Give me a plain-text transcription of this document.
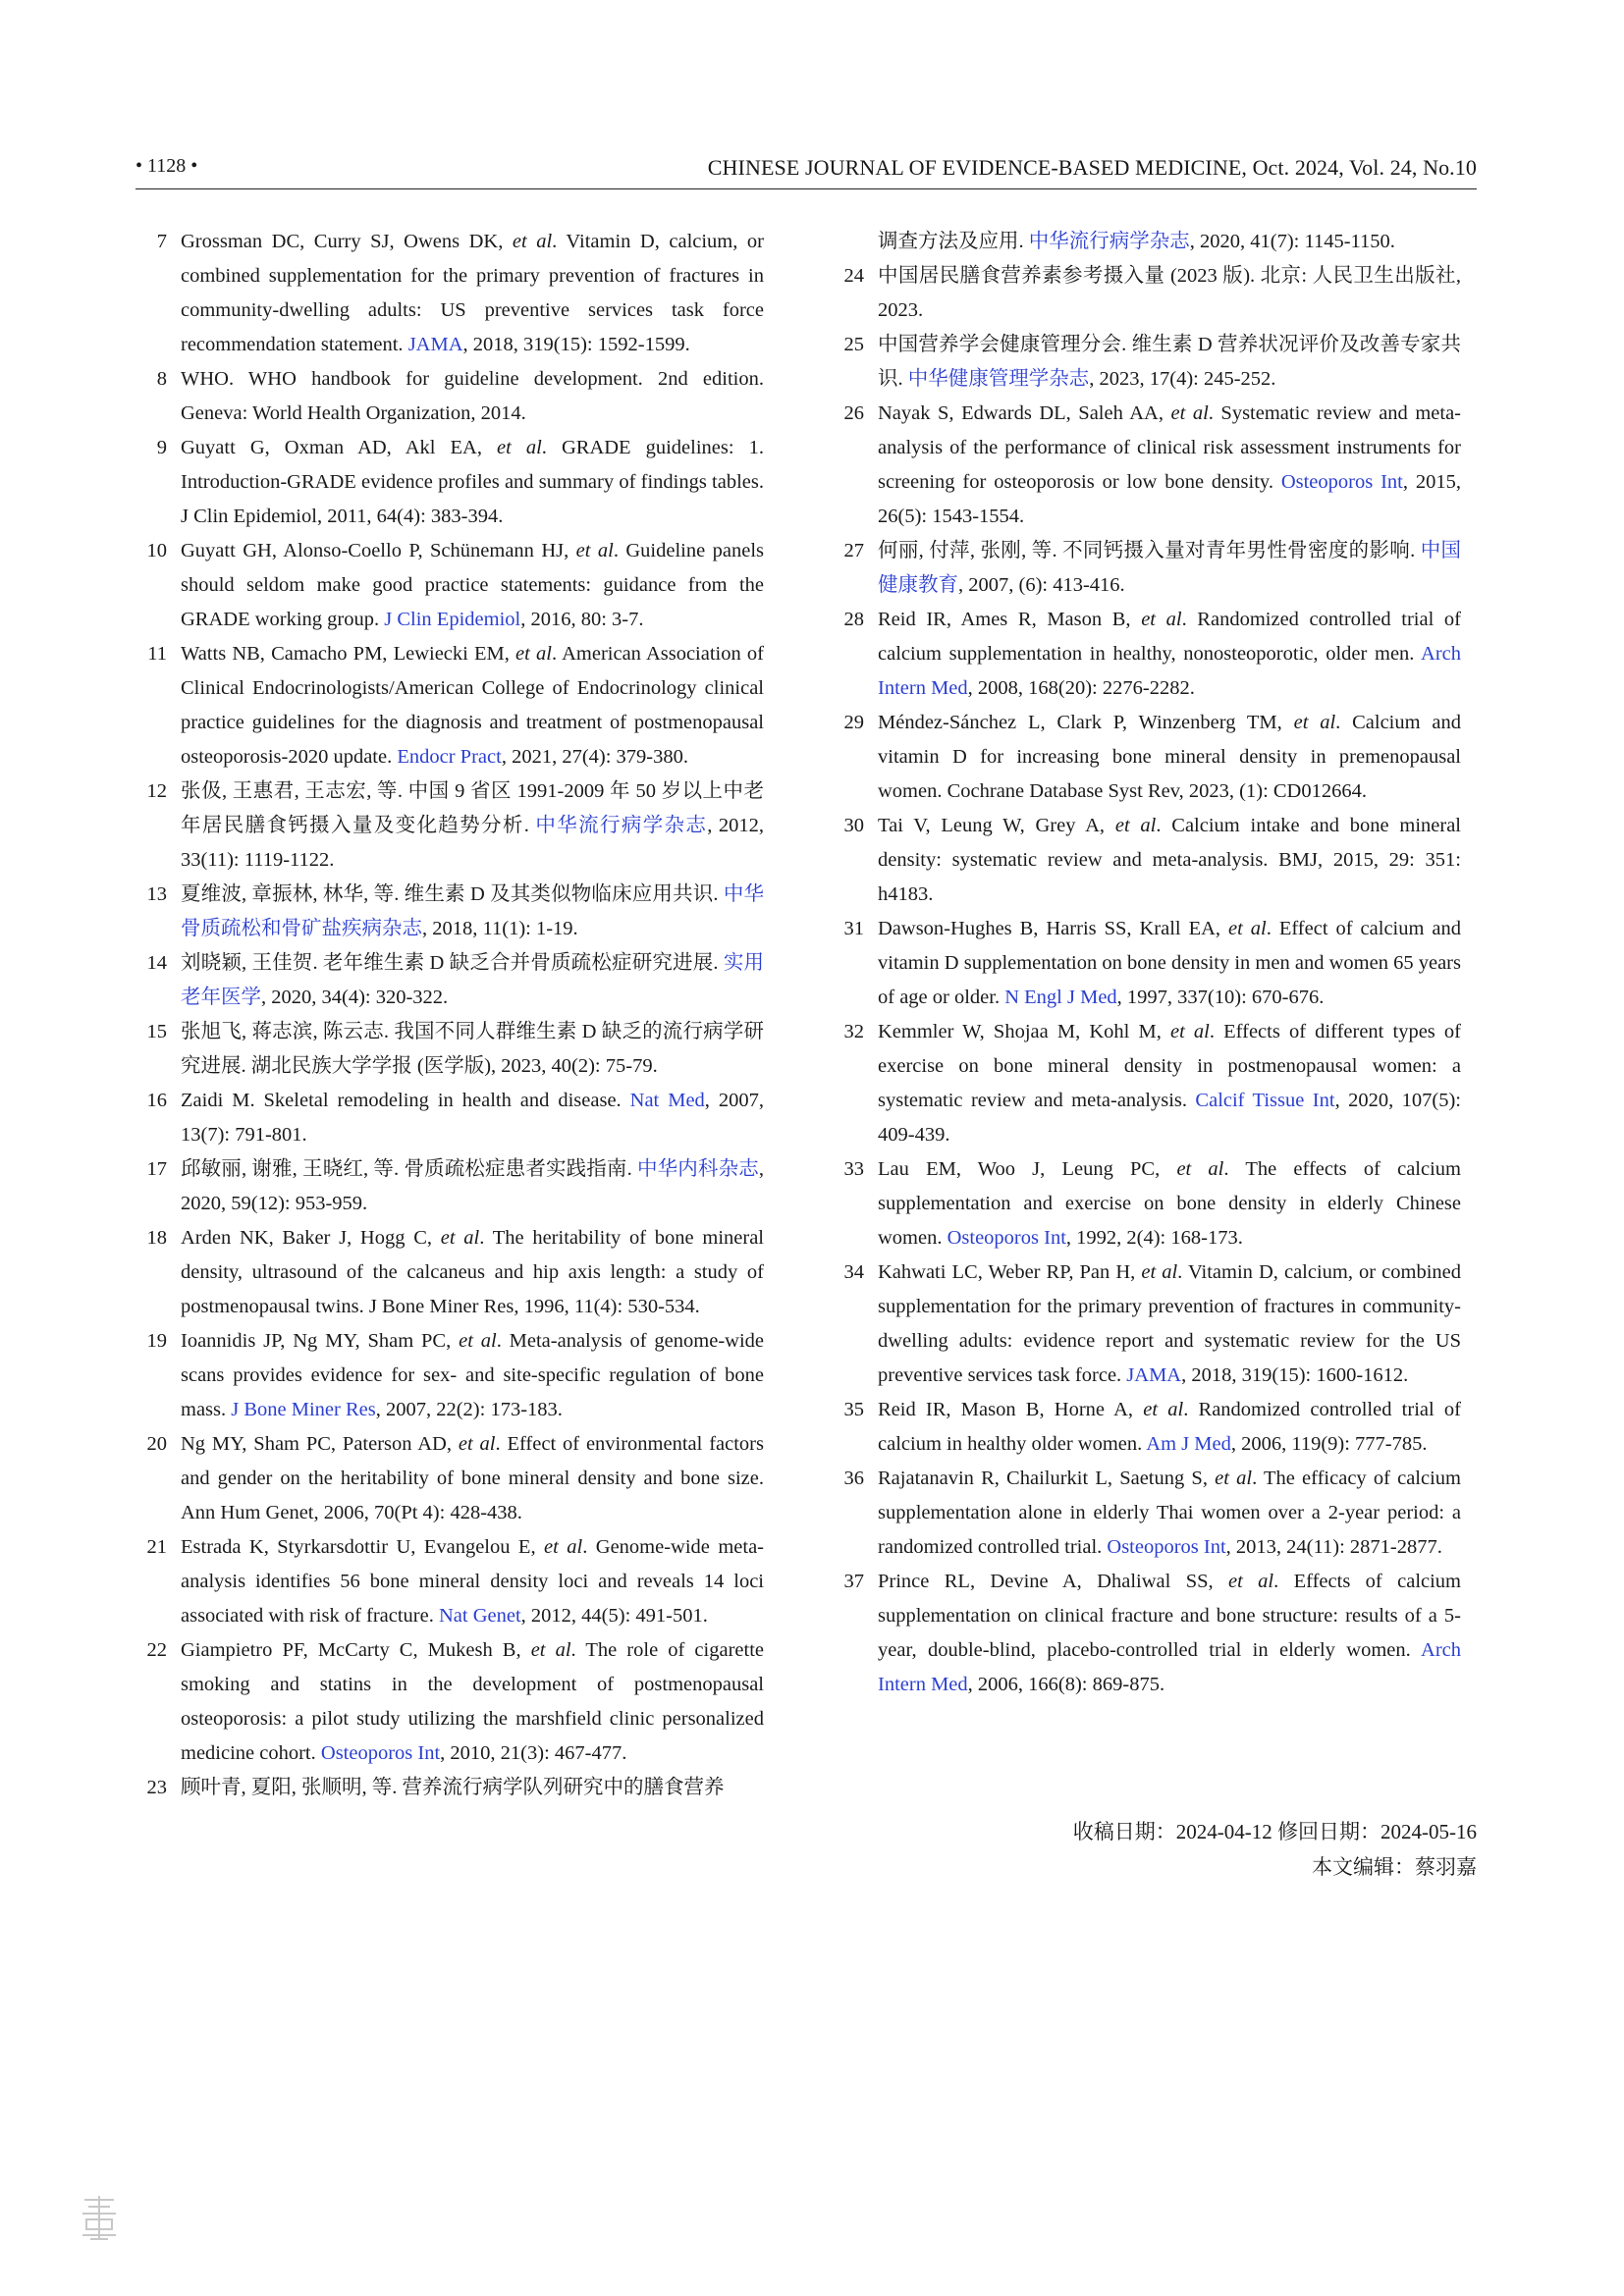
• 1128 •	CHINESE JOURNAL OF EVIDENCE-BASED MEDICINE, Oct. 2024, Vol. 24, No.10
7 Grossman DC, Curry SJ, Owens DK, et al. Vitamin D, calcium, or combined supplementation for the primary prevention of fractures in community-dwelling adults: US preventive services task force recommendation statement. JAMA, 2018, 319(15): 1592-1599.
8 WHO. WHO handbook for guideline development. 2nd edition. Geneva: World Health Organization, 2014.
9 Guyatt G, Oxman AD, Akl EA, et al. GRADE guidelines: 1. Introduction-GRADE evidence profiles and summary of findings tables. J Clin Epidemiol, 2011, 64(4): 383-394.
10 Guyatt GH, Alonso-Coello P, Schünemann HJ, et al. Guideline panels should seldom make good practice statements: guidance from the GRADE working group. J Clin Epidemiol, 2016, 80: 3-7.
11 Watts NB, Camacho PM, Lewiecki EM, et al. American Association of Clinical Endocrinologists/American College of Endocrinology clinical practice guidelines for the diagnosis and treatment of postmenopausal osteoporosis-2020 update. Endocr Pract, 2021, 27(4): 379-380.
12 张伋, 王惠君, 王志宏, 等. 中国 9 省区 1991-2009 年 50 岁以上中老年居民膳食钙摄入量及变化趋势分析. 中华流行病学杂志, 2012, 33(11): 1119-1122.
13 夏维波, 章振林, 林华, 等. 维生素 D 及其类似物临床应用共识. 中华骨质疏松和骨矿盐疾病杂志, 2018, 11(1): 1-19.
14 刘晓颖, 王佳贺. 老年维生素 D 缺乏合并骨质疏松症研究进展. 实用老年医学, 2020, 34(4): 320-322.
15 张旭飞, 蒋志滨, 陈云志. 我国不同人群维生素 D 缺乏的流行病学研究进展. 湖北民族大学学报 (医学版), 2023, 40(2): 75-79.
16 Zaidi M. Skeletal remodeling in health and disease. Nat Med, 2007, 13(7): 791-801.
17 邱敏丽, 谢雅, 王晓红, 等. 骨质疏松症患者实践指南. 中华内科杂志, 2020, 59(12): 953-959.
18 Arden NK, Baker J, Hogg C, et al. The heritability of bone mineral density, ultrasound of the calcaneus and hip axis length: a study of postmenopausal twins. J Bone Miner Res, 1996, 11(4): 530-534.
19 Ioannidis JP, Ng MY, Sham PC, et al. Meta-analysis of genome-wide scans provides evidence for sex- and site-specific regulation of bone mass. J Bone Miner Res, 2007, 22(2): 173-183.
20 Ng MY, Sham PC, Paterson AD, et al. Effect of environmental factors and gender on the heritability of bone mineral density and bone size. Ann Hum Genet, 2006, 70(Pt 4): 428-438.
21 Estrada K, Styrkarsdottir U, Evangelou E, et al. Genome-wide meta-analysis identifies 56 bone mineral density loci and reveals 14 loci associated with risk of fracture. Nat Genet, 2012, 44(5): 491-501.
22 Giampietro PF, McCarty C, Mukesh B, et al. The role of cigarette smoking and statins in the development of postmenopausal osteoporosis: a pilot study utilizing the marshfield clinic personalized medicine cohort. Osteoporos Int, 2010, 21(3): 467-477.
23 顾叶青, 夏阳, 张顺明, 等. 营养流行病学队列研究中的膳食营养
调查方法及应用. 中华流行病学杂志, 2020, 41(7): 1145-1150.
24 中国居民膳食营养素参考摄入量 (2023 版). 北京: 人民卫生出版社, 2023.
25 中国营养学会健康管理分会. 维生素 D 营养状况评价及改善专家共识. 中华健康管理学杂志, 2023, 17(4): 245-252.
26 Nayak S, Edwards DL, Saleh AA, et al. Systematic review and meta-analysis of the performance of clinical risk assessment instruments for screening for osteoporosis or low bone density. Osteoporos Int, 2015, 26(5): 1543-1554.
27 何丽, 付萍, 张刚, 等. 不同钙摄入量对青年男性骨密度的影响. 中国健康教育, 2007, (6): 413-416.
28 Reid IR, Ames R, Mason B, et al. Randomized controlled trial of calcium supplementation in healthy, nonosteoporotic, older men. Arch Intern Med, 2008, 168(20): 2276-2282.
29 Méndez-Sánchez L, Clark P, Winzenberg TM, et al. Calcium and vitamin D for increasing bone mineral density in premenopausal women. Cochrane Database Syst Rev, 2023, (1): CD012664.
30 Tai V, Leung W, Grey A, et al. Calcium intake and bone mineral density: systematic review and meta-analysis. BMJ, 2015, 29: 351: h4183.
31 Dawson-Hughes B, Harris SS, Krall EA, et al. Effect of calcium and vitamin D supplementation on bone density in men and women 65 years of age or older. N Engl J Med, 1997, 337(10): 670-676.
32 Kemmler W, Shojaa M, Kohl M, et al. Effects of different types of exercise on bone mineral density in postmenopausal women: a systematic review and meta-analysis. Calcif Tissue Int, 2020, 107(5): 409-439.
33 Lau EM, Woo J, Leung PC, et al. The effects of calcium supplementation and exercise on bone density in elderly Chinese women. Osteoporos Int, 1992, 2(4): 168-173.
34 Kahwati LC, Weber RP, Pan H, et al. Vitamin D, calcium, or combined supplementation for the primary prevention of fractures in community-dwelling adults: evidence report and systematic review for the US preventive services task force. JAMA, 2018, 319(15): 1600-1612.
35 Reid IR, Mason B, Horne A, et al. Randomized controlled trial of calcium in healthy older women. Am J Med, 2006, 119(9): 777-785.
36 Rajatanavin R, Chailurkit L, Saetung S, et al. The efficacy of calcium supplementation alone in elderly Thai women over a 2-year period: a randomized controlled trial. Osteoporos Int, 2013, 24(11): 2871-2877.
37 Prince RL, Devine A, Dhaliwal SS, et al. Effects of calcium supplementation on clinical fracture and bone structure: results of a 5-year, double-blind, placebo-controlled trial in elderly women. Arch Intern Med, 2006, 166(8): 869-875.
收稿日期：2024-04-12 修回日期：2024-05-16
本文编辑：蔡羽嘉
